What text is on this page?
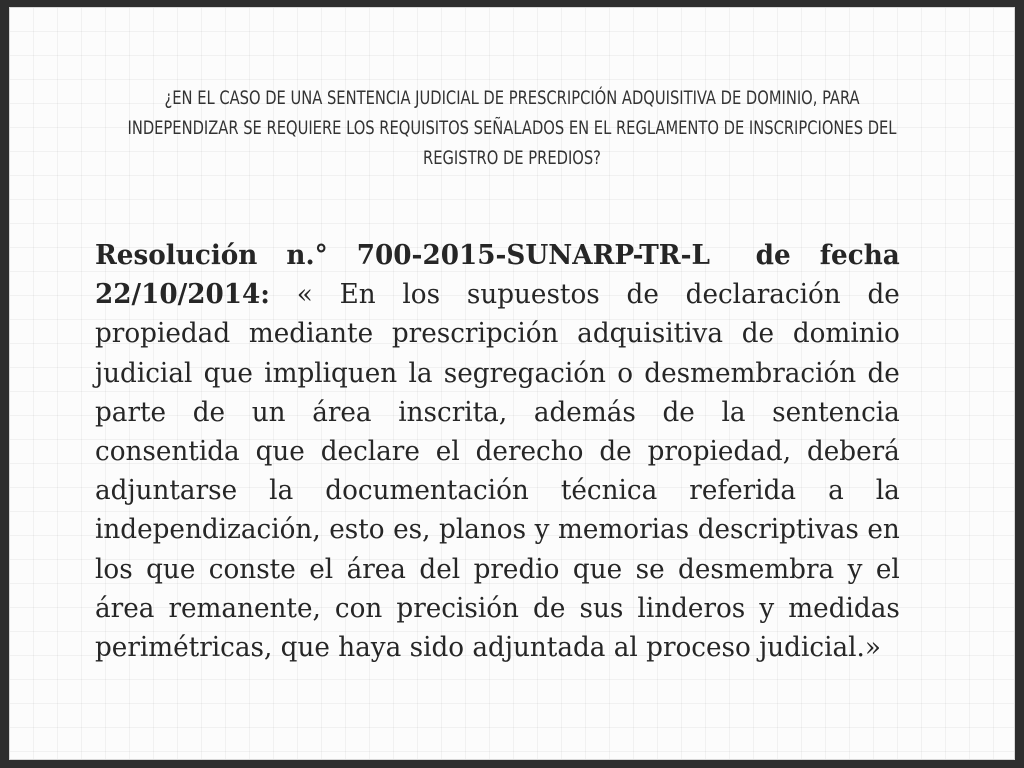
¿EN EL CASO DE UNA SENTENCIA JUDICIAL DE PRESCRIPCIÓN ADQUISITIVA DE DOMINIO, PARA INDEPENDIZAR SE REQUIERE LOS REQUISITOS SEÑALADOS EN EL REGLAMENTO DE INSCRIPCIONES DEL REGISTRO DE PREDIOS?
Resolución n.° 700-2015-SUNARP-TR-L de fecha 22/10/2014: « En los supuestos de declaración de propiedad mediante prescripción adquisitiva de dominio judicial que impliquen la segregación o desmembración de parte de un área inscrita, además de la sentencia consentida que declare el derecho de propiedad, deberá adjuntarse la documentación técnica referida a la independización, esto es, planos y memorias descriptivas en los que conste el área del predio que se desmembra y el área remanente, con precisión de sus linderos y medidas perimétricas, que haya sido adjuntada al proceso judicial.»
